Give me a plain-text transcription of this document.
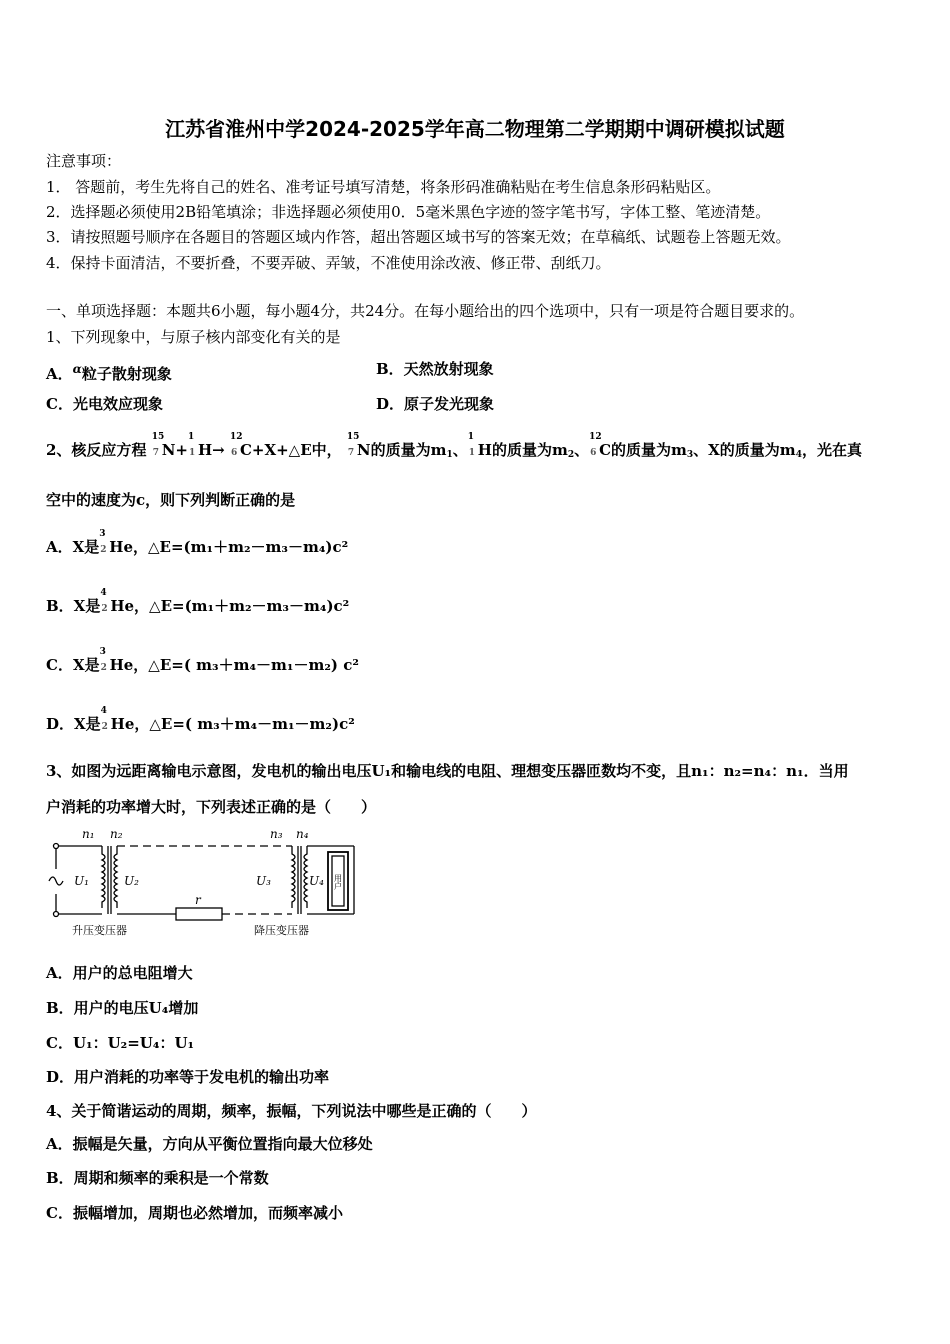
江苏省淮州中学2024-2025学年高二物理第二学期期中调研模拟试题
注意事项：
1． 答题前，考生先将自己的姓名、准考证号填写清楚，将条形码准确粘贴在考生信息条形码粘贴区。
2．选择题必须使用2B铅笔填涂；非选择题必须使用0．5毫米黑色字迹的签字笔书写，字体工整、笔迹清楚。
3．请按照题号顺序在各题目的答题区域内作答，超出答题区域书写的答案无效；在草稿纸、试题卷上答题无效。
4．保持卡面清洁，不要折叠，不要弄破、弄皱，不准使用涂改液、修正带、刮纸刀。
一、单项选择题：本题共6小题，每小题4分，共24分。在每小题给出的四个选项中，只有一项是符合题目要求的。
1、下列现象中，与原子核内部变化有关的是
A．$^\alpha$粒子散射现象	B．天然放射现象
C．光电效应现象	D．原子发光现象
2、核反应方程
15
7 N+
1
1 H→
12
6 C+X+△E中，
15
7 N的质量为$m_1$、
1
1 H的质量为$m_2$、
12
6 C的质量为$m_3$、X的质量为$m_4$，光在真
空中的速度为c，则下列判断正确的是
A．X是
3
2 He，△E=(m₁＋m₂－m₃－m₄)c²
B．X是
4
2 He，△E=(m₁＋m₂－m₃－m₄)c²
C．X是
3
2 He，△E=( m₃＋m₄－m₁－m₂) c²
D．X是
4
2 He，△E=( m₃＋m₄－m₁－m₂)c²
3、如图为远距离输电示意图，发电机的输出电压U₁和输电线的电阻、理想变压器匝数均不变，且n₁：n₂=n₄：n₁．当用
户消耗的功率增大时，下列表述正确的是（　　）
n₁ n₂	n₃ n₄
U₁	U₂	U₃	U₄
r
用户
升压变压器	降压变压器
A．用户的总电阻增大
B．用户的电压U₄增加
C．U₁：U₂=U₄：U₁
D．用户消耗的功率等于发电机的输出功率
4、关于简谐运动的周期，频率，振幅，下列说法中哪些是正确的（　　）
A．振幅是矢量，方向从平衡位置指向最大位移处
B．周期和频率的乘积是一个常数
C．振幅增加，周期也必然增加，而频率减小
